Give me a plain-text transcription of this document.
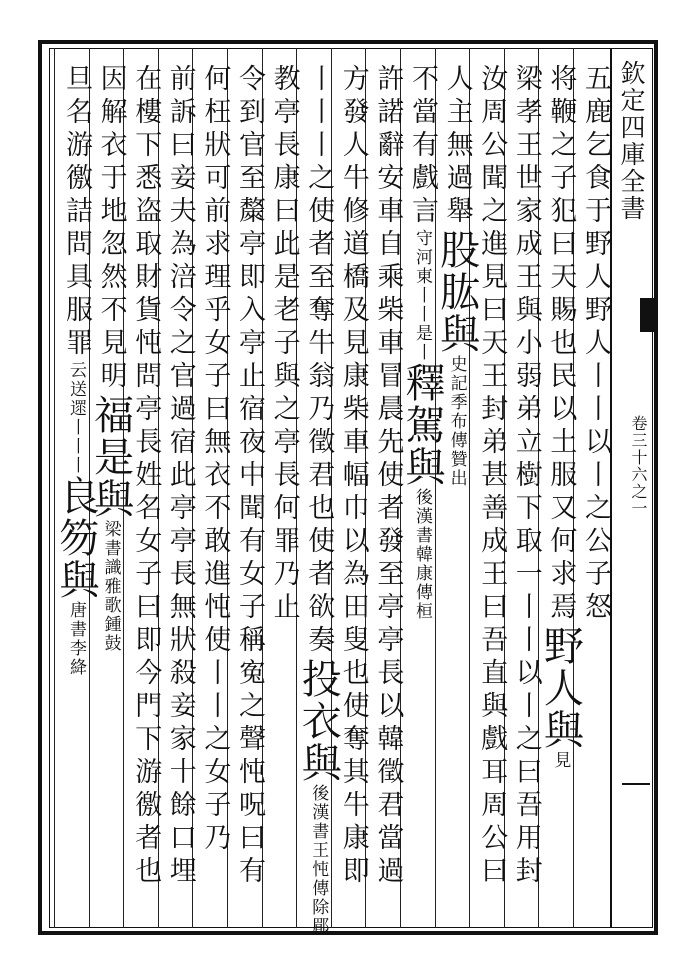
欽定四庫全書
卷三十六之一
五鹿乞食于野人野人丨丨以丨之公子怒
将鞭之子犯曰天賜也民以土服又何求焉野人與見
梁孝王世家成王與小弱弟立樹下取一丨丨以丨之曰吾用封
汝周公聞之進見曰天王封弟甚善成王曰吾直與戲耳周公曰
人主無過舉股肱與史記季布傳贊出
不當有戲言守河東丨丨是丨釋駕與後漢書韓康傳桓
許諾辭安車自乘柴車冒晨先使者發至亭亭長以韓徵君當過
方發人牛修道橋及見康柴車幅巾以為田叟也使奪其牛康即
丨丨丨之使者至奪牛翁乃徵君也使者欲奏投衣與後漢書王忳傳除郿
教亭長康曰此是老子與之亭長何罪乃止
令到官至斄亭即入亭止宿夜中聞有女子稱寃之聲忳呪曰有
何枉狀可前求理乎女子曰無衣不敢進忳使丨丨之女子乃
前訴曰妾夫為涪令之官過宿此亭亭長無狀殺妾家十餘口埋
在樓下悉盗取財貨忳問亭長姓名女子曰即今門下游徼者也
因解衣于地忽然不見明福是與梁書識雅歌鍾鼓
旦名游徼詰問具服罪云送遝丨丨丨良笏與唐書李絳
